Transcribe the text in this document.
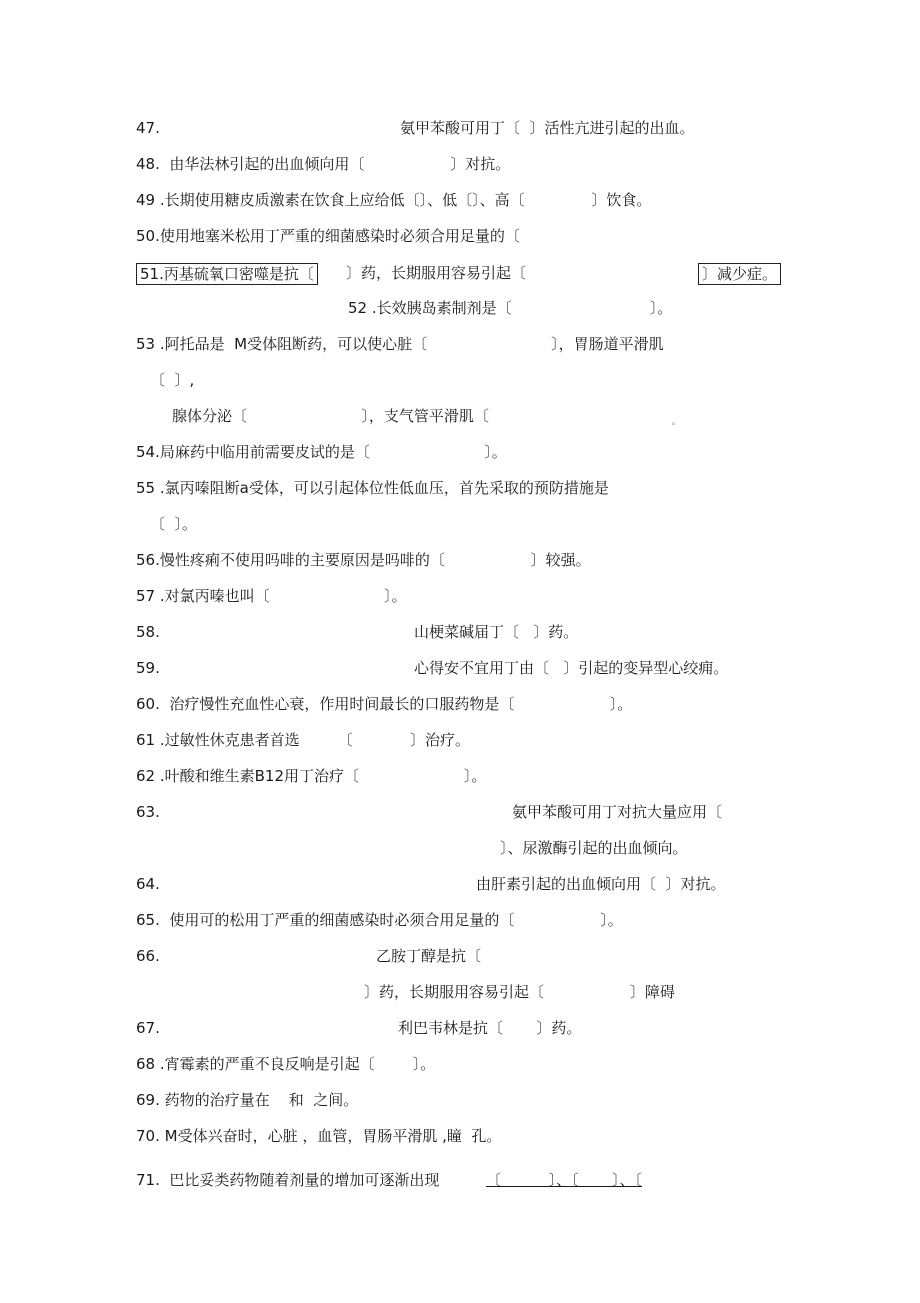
47.	氨甲苯酸可用丁〔  〕活性亢进引起的出血。
48.  由华法林引起的出血倾向用〔                  〕对抗。
49 .长期使用糖皮质激素在饮食上应给低〔〕、低〔〕、高〔              〕饮食。
50.使用地塞米松用丁严重的细菌感染时必须合用足量的〔
51.丙基硫氧口密噬是抗〔 〕药，长期服用容易引起〔	〕减少症。
52 .长效胰岛素制剂是〔                             〕。
53 .阿托品是  M受体阻断药，可以使心脏〔                          〕，胃肠道平滑肌
〔  〕,
腺体分泌〔                        〕，支气管平滑肌〔	。
54.局麻药中临用前需要皮试的是〔                        〕。
55 .氯丙嗪阻断a受体，可以引起体位性低血压，首先采取的预防措施是
〔  〕。
56.慢性疼痢不使用吗啡的主要原因是吗啡的〔                  〕较强。
57 .对氯丙嗪也叫〔                        〕。
58.	山梗菜碱届丁〔   〕药。
59.	心得安不宜用丁由〔   〕引起的变异型心绞痈。
60.  治疗慢性充血性心衰，作用时间最长的口服药物是〔                    〕。
61 .过敏性休克患者首选        〔            〕治疗。
62 .叶酸和维生素B12用丁治疗〔                      〕。
63.	氨甲苯酸可用丁对抗大量应用〔
〕、尿激酶引起的出血倾向。
64.	由肝素引起的出血倾向用〔  〕对抗。
65.  使用可的松用丁严重的细菌感染时必须合用足量的〔                  〕。
66.	乙胺丁醇是抗〔
〕药，长期服用容易引起〔                  〕障碍
67.	利巴韦林是抗〔       〕药。
68 .宵霉素的严重不良反响是引起〔        〕。
69. 药物的治疗量在    和  之间。
70. M受体兴奋时，心脏 ，血管，胃肠平滑肌 ,瞳  孔。
71.  巴比妥类药物随着剂量的增加可逐渐出现	〔          〕、〔       〕、〔
